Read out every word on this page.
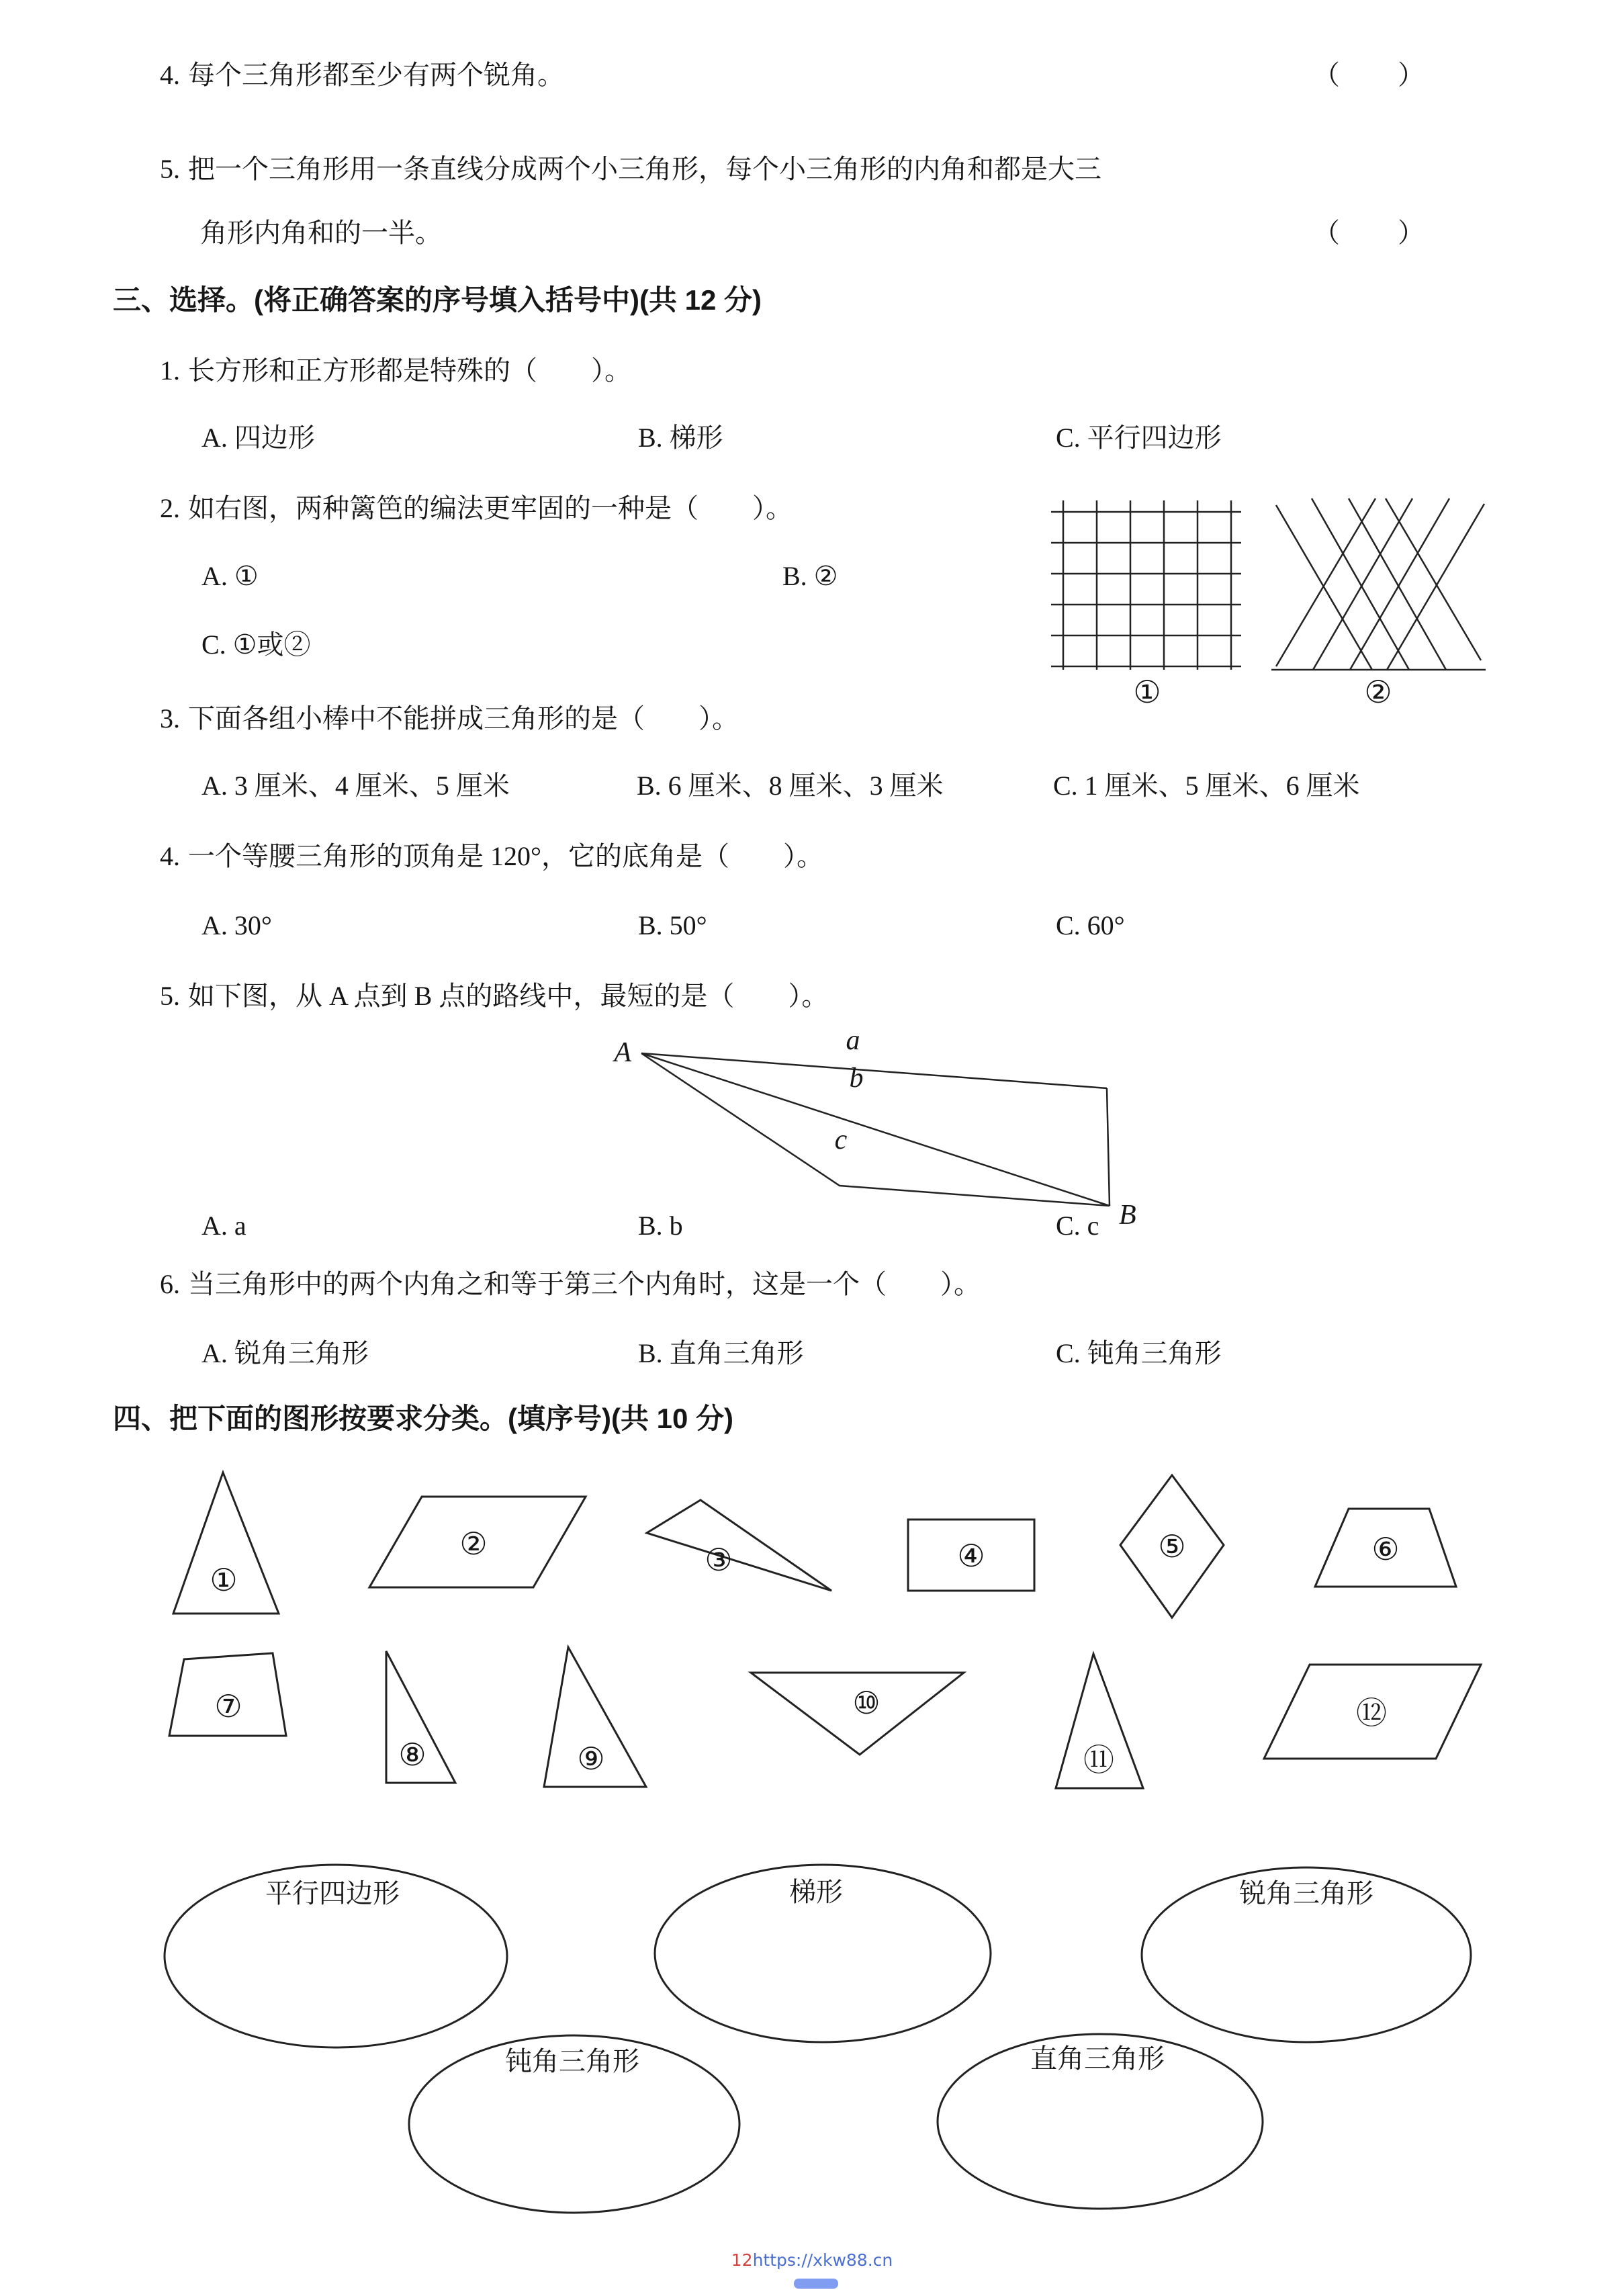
4. 每个三角形都至少有两个锐角。	（　　）
5. 把一个三角形用一条直线分成两个小三角形，每个小三角形的内角和都是大三
角形内角和的一半。	（　　）
三、选择。(将正确答案的序号填入括号中)(共 12 分)
1. 长方形和正方形都是特殊的（　　）。
A. 四边形	B. 梯形	C. 平行四边形
2. 如右图，两种篱笆的编法更牢固的一种是（　　）。
A. ①	B. ②
C. ①或②
3. 下面各组小棒中不能拼成三角形的是（　　）。
A. 3 厘米、4 厘米、5 厘米	B. 6 厘米、8 厘米、3 厘米	C. 1 厘米、5 厘米、6 厘米
4. 一个等腰三角形的顶角是 120°，它的底角是（　　）。
A. 30°	B. 50°	C. 60°
5. 如下图，从 A 点到 B 点的路线中，最短的是（　　）。
A. a	B. b	C. c
6. 当三角形中的两个内角之和等于第三个内角时，这是一个（　　）。
A. 锐角三角形	B. 直角三角形	C. 钝角三角形
四、把下面的图形按要求分类。(填序号)(共 10 分)
①	②
A
B
a
b
c
①
②	③	④	⑤	⑥
⑦
⑧	⑨
⑩
⑪
⑫
平行四边形	梯形	锐角三角形
钝角三角形	直角三角形
12https://xkw88.cn
